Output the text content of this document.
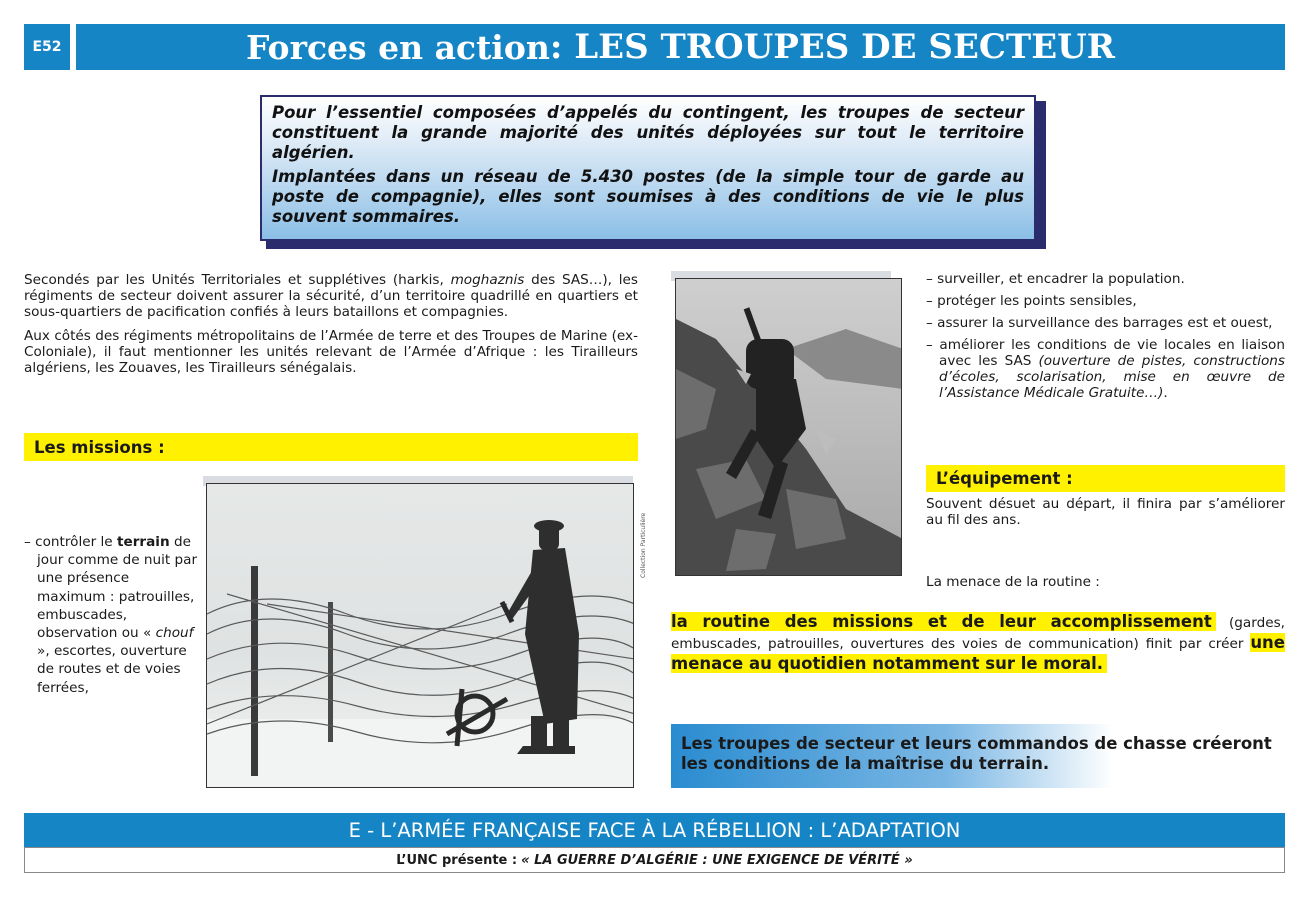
E52	Forces en action : LES TROUPES DE SECTEUR

Pour l’essentiel composées d’appelés du contingent, les troupes de secteur constituent la grande majorité des unités déployées sur tout le territoire algérien.

Implantées dans un réseau de 5.430 postes (de la simple tour de garde au poste de compagnie), elles sont soumises à des conditions de vie le plus souvent sommaires.

Secondés par les Unités Territoriales et supplétives (harkis, moghaznis des SAS…), les régiments de secteur doivent assurer la sécurité, d’un territoire quadrillé en quartiers et sous-quartiers de pacification confiés à leurs bataillons et compagnies.

Aux côtés des régiments métropolitains de l’Armée de terre et des Troupes de Marine (ex-Coloniale), il faut mentionner les unités relevant de l’Armée d’Afrique : les Tirailleurs algériens, les Zouaves, les Tirailleurs sénégalais.

Les missions :
Collection Particulière
– contrôler le terrain de jour comme de nuit par une présence maximum : patrouilles, embuscades, observation ou « chouf », escortes, ouverture de routes et de voies ferrées,
– surveiller, et encadrer la population.
– protéger les points sensibles,
– assurer la surveillance des barrages est et ouest,
– améliorer les conditions de vie locales en liaison avec les SAS (ouverture de pistes, constructions d’écoles, scolarisation, mise en œuvre de l’Assistance Médicale Gratuite…).
L’équipement :
Souvent désuet au départ, il finira par s’améliorer au fil des ans.
La menace de la routine :
la routine des missions et de leur accomplissement (gardes, embuscades, patrouilles, ouvertures des voies de communication) finit par créer une menace au quotidien notamment sur le moral.
Les troupes de secteur et leurs commandos de chasse créeront les conditions de la maîtrise du terrain.
E - L’ARMÉE FRANÇAISE FACE À LA RÉBELLION : L’ADAPTATION
L’UNC présente : « LA GUERRE D’ALGÉRIE : UNE EXIGENCE DE VÉRITÉ »
